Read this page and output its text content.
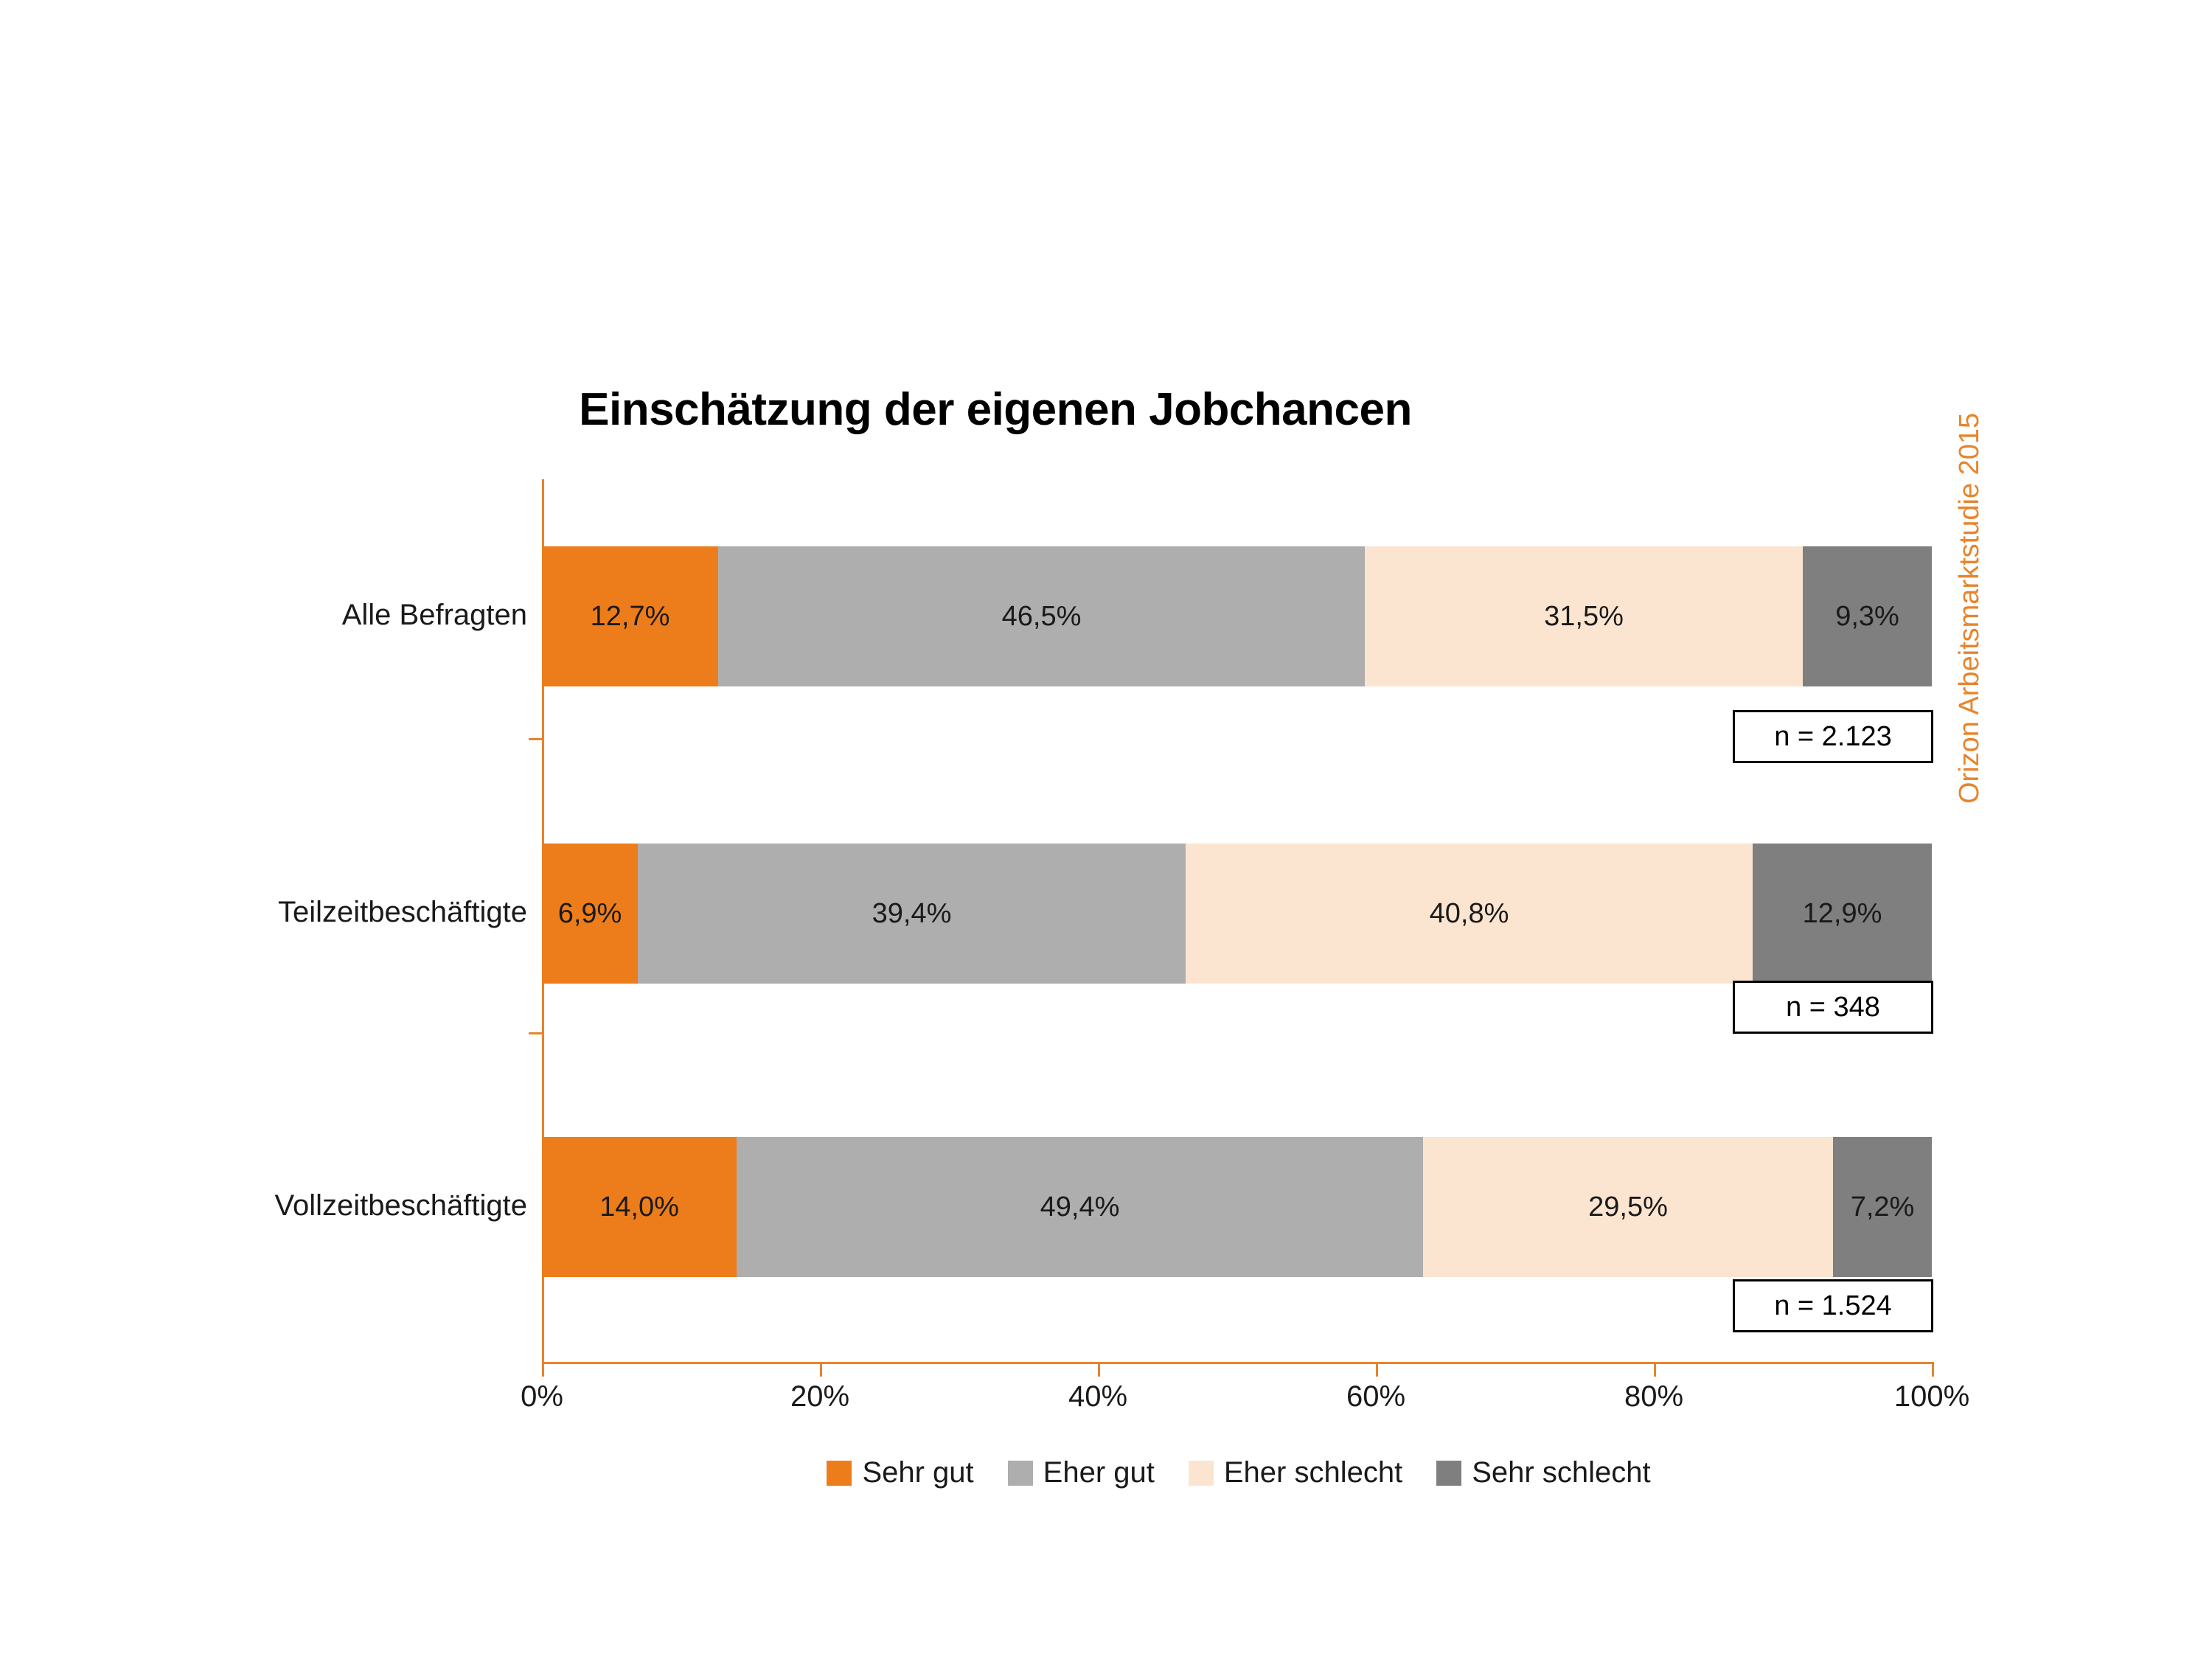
Einschätzung der eigenen Jobchancen
Alle Befragten 12,7%	46,5%	31,5%	9,3%
n = 2.123
Teilzeitbeschäftigte 6,9%	39,4%	40,8%	12,9%
n = 348
Vollzeitbeschäftigte	14,0%	49,4%	29,5%	7,2%
n = 1.524
0%	20%	40%	60%	80%	100%
Sehr gut Eher gut Eher schlecht Sehr schlecht
Orizon Arbeitsmarktstudie 2015
